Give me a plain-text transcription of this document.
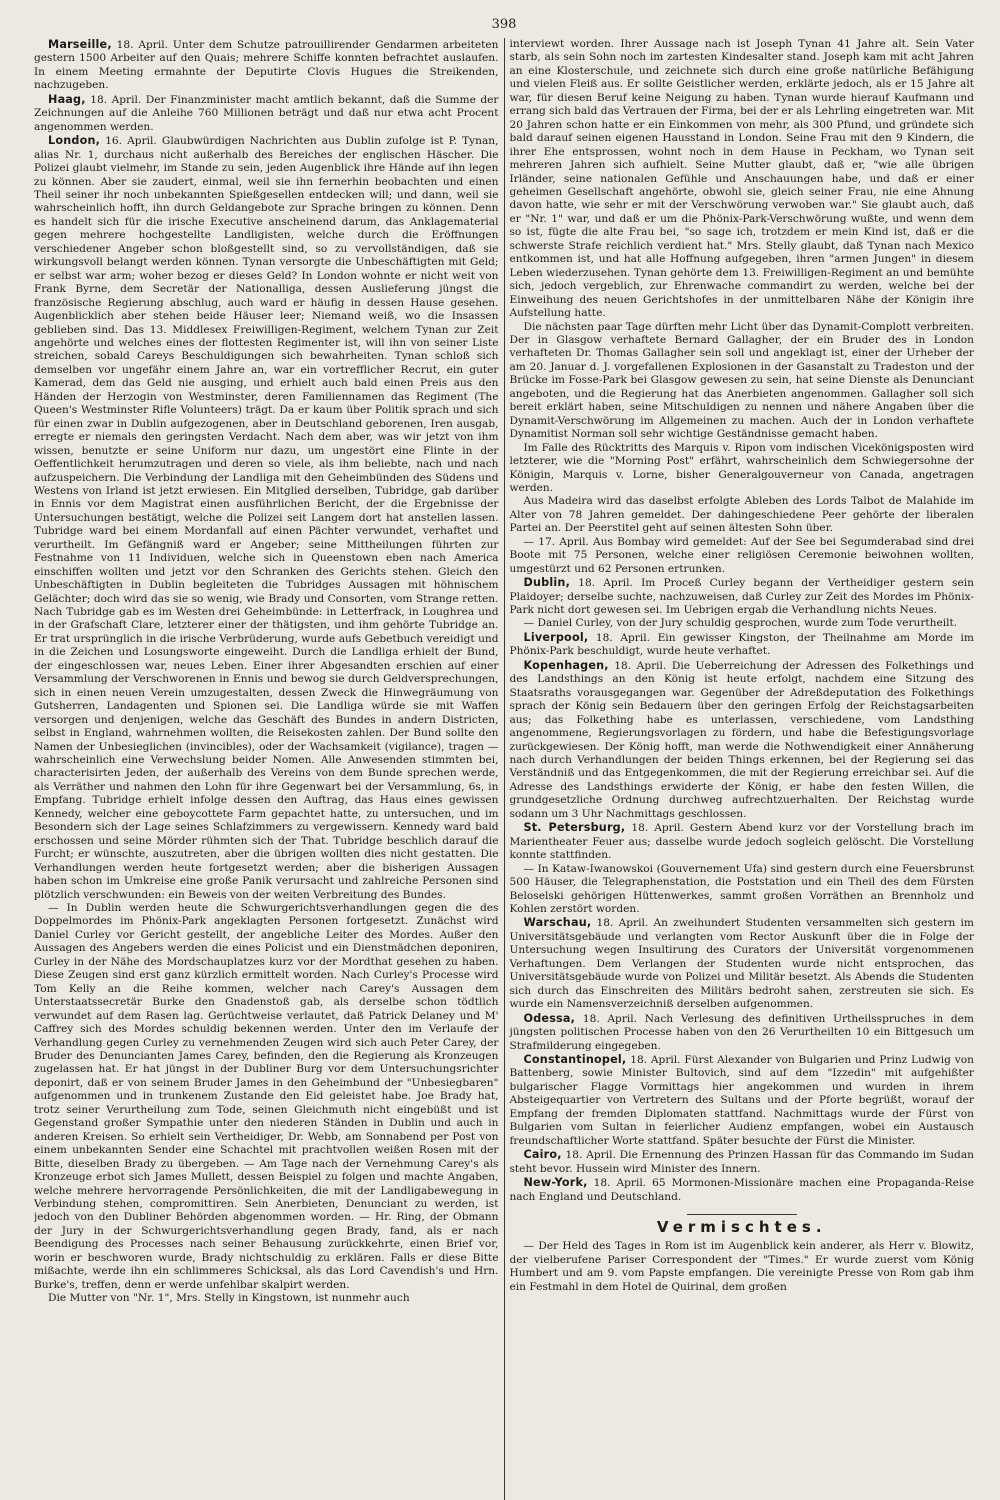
398

Marseille, 18. April. Unter dem Schutze patrouillirender Gendarmen arbeiteten gestern 1500 Arbeiter auf den Quais; mehrere Schiffe konnten befrachtet auslaufen. In einem Meeting ermahnte der Deputirte Clovis Hugues die Streikenden, nachzugeben.

Haag, 18. April. Der Finanzminister macht amtlich bekannt, daß die Summe der Zeichnungen auf die Anleihe 760 Millionen beträgt und daß nur etwa acht Procent angenommen werden.

London, 16. April. Glaubwürdigen Nachrichten aus Dublin zufolge ist P. Tynan, alias Nr. 1, durchaus nicht außerhalb des Bereiches der englischen Häscher. Die Polizei glaubt vielmehr, im Stande zu sein, jeden Augenblick ihre Hände auf ihn legen zu können. Aber sie zaudert, einmal, weil sie ihn fernerhin beobachten und einen Theil seiner ihr noch unbekannten Spießgesellen entdecken will; und dann, weil sie wahrscheinlich hofft, ihn durch Geldangebote zur Sprache bringen zu können. Denn es handelt sich für die irische Executive anscheinend darum, das Anklagematerial gegen mehrere hochgestellte Landligisten, welche durch die Eröffnungen verschiedener Angeber schon bloßgestellt sind, so zu vervollständigen, daß sie wirkungsvoll belangt werden können. Tynan versorgte die Unbeschäftigten mit Geld; er selbst war arm; woher bezog er dieses Geld? In London wohnte er nicht weit von Frank Byrne, dem Secretär der Nationalliga, dessen Auslieferung jüngst die französische Regierung abschlug, auch ward er häufig in dessen Hause gesehen. Augenblicklich aber stehen beide Häuser leer; Niemand weiß, wo die Insassen geblieben sind. Das 13. Middlesex Freiwilligen-Regiment, welchem Tynan zur Zeit angehörte und welches eines der flottesten Regimenter ist, will ihn von seiner Liste streichen, sobald Careys Beschuldigungen sich bewahrheiten. Tynan schloß sich demselben vor ungefähr einem Jahre an, war ein vortrefflicher Recrut, ein guter Kamerad, dem das Geld nie ausging, und erhielt auch bald einen Preis aus den Händen der Herzogin von Westminster, deren Familiennamen das Regiment (The Queen's Westminster Rifle Volunteers) trägt. Da er kaum über Politik sprach und sich für einen zwar in Dublin aufgezogenen, aber in Deutschland geborenen, Iren ausgab, erregte er niemals den geringsten Verdacht. Nach dem aber, was wir jetzt von ihm wissen, benutzte er seine Uniform nur dazu, um ungestört eine Flinte in der Oeffentlichkeit herumzutragen und deren so viele, als ihm beliebte, nach und nach aufzuspeichern. Die Verbindung der Landliga mit den Geheimbünden des Südens und Westens von Irland ist jetzt erwiesen. Ein Mitglied derselben, Tubridge, gab darüber in Ennis vor dem Magistrat einen ausführlichen Bericht, der die Ergebnisse der Untersuchungen bestätigt, welche die Polizei seit Langem dort hat anstellen lassen. Tubridge ward bei einem Mordanfall auf einen Pächter verwundet, verhaftet und verurtheilt. Im Gefängniß ward er Angeber; seine Mittheilungen führten zur Festnahme von 11 Individuen, welche sich in Queenstown eben nach America einschiffen wollten und jetzt vor den Schranken des Gerichts stehen. Gleich den Unbeschäftigten in Dublin begleiteten die Tubridges Aussagen mit höhnischem Gelächter; doch wird das sie so wenig, wie Brady und Consorten, vom Strange retten. Nach Tubridge gab es im Westen drei Geheimbünde: in Letterfrack, in Loughrea und in der Grafschaft Clare, letzterer einer der thätigsten, und ihm gehörte Tubridge an. Er trat ursprünglich in die irische Verbrüderung, wurde aufs Gebetbuch vereidigt und in die Zeichen und Losungsworte eingeweiht. Durch die Landliga erhielt der Bund, der eingeschlossen war, neues Leben. Einer ihrer Abgesandten erschien auf einer Versammlung der Verschworenen in Ennis und bewog sie durch Geldversprechungen, sich in einen neuen Verein umzugestalten, dessen Zweck die Hinwegräumung von Gutsherren, Landagenten und Spionen sei. Die Landliga würde sie mit Waffen versorgen und denjenigen, welche das Geschäft des Bundes in andern Districten, selbst in England, wahrnehmen wollten, die Reisekosten zahlen. Der Bund sollte den Namen der Unbesieglichen (invincibles), oder der Wachsamkeit (vigilance), tragen — wahrscheinlich eine Verwechslung beider Nomen. Alle Anwesenden stimmten bei, characterisirten Jeden, der außerhalb des Vereins von dem Bunde sprechen werde, als Verräther und nahmen den Lohn für ihre Gegenwart bei der Versammlung, 6s, in Empfang. Tubridge erhielt infolge dessen den Auftrag, das Haus eines gewissen Kennedy, welcher eine geboycottete Farm gepachtet hatte, zu untersuchen, und im Besondern sich der Lage seines Schlafzimmers zu vergewissern. Kennedy ward bald erschossen und seine Mörder rühmten sich der That. Tubridge beschlich darauf die Furcht; er wünschte, auszutreten, aber die übrigen wollten dies nicht gestatten. Die Verhandlungen werden heute fortgesetzt werden; aber die bisherigen Aussagen haben schon im Umkreise eine große Panik verursacht und zahlreiche Personen sind plötzlich verschwunden: ein Beweis von der weiten Verbreitung des Bundes.

— In Dublin werden heute die Schwurgerichtsverhandlungen gegen die des Doppelmordes im Phönix-Park angeklagten Personen fortgesetzt. Zunächst wird Daniel Curley vor Gericht gestellt, der angebliche Leiter des Mordes. Außer den Aussagen des Angebers werden die eines Policist und ein Dienstmädchen deponiren, Curley in der Nähe des Mordschauplatzes kurz vor der Mordthat gesehen zu haben. Diese Zeugen sind erst ganz kürzlich ermittelt worden. Nach Curley's Processe wird Tom Kelly an die Reihe kommen, welcher nach Carey's Aussagen dem Unterstaatssecretär Burke den Gnadenstoß gab, als derselbe schon tödtlich verwundet auf dem Rasen lag. Gerüchtweise verlautet, daß Patrick Delaney und M' Caffrey sich des Mordes schuldig bekennen werden. Unter den im Verlaufe der Verhandlung gegen Curley zu vernehmenden Zeugen wird sich auch Peter Carey, der Bruder des Denuncianten James Carey, befinden, den die Regierung als Kronzeugen zugelassen hat. Er hat jüngst in der Dubliner Burg vor dem Untersuchungsrichter deponirt, daß er von seinem Bruder James in den Geheimbund der "Unbesiegbaren" aufgenommen und in trunkenem Zustande den Eid geleistet habe. Joe Brady hat, trotz seiner Verurtheilung zum Tode, seinen Gleichmuth nicht eingebüßt und ist Gegenstand großer Sympathie unter den niederen Ständen in Dublin und auch in anderen Kreisen. So erhielt sein Vertheidiger, Dr. Webb, am Sonnabend per Post von einem unbekannten Sender eine Schachtel mit prachtvollen weißen Rosen mit der Bitte, dieselben Brady zu übergeben. — Am Tage nach der Vernehmung Carey's als Kronzeuge erbot sich James Mullett, dessen Beispiel zu folgen und machte Angaben, welche mehrere hervorragende Persönlichkeiten, die mit der Landligabewegung in Verbindung stehen, compromittiren. Sein Anerbieten, Denunciant zu werden, ist jedoch von den Dubliner Behörden abgenommen worden. — Hr. Ring, der Obmann der Jury in der Schwurgerichtsverhandlung gegen Brady, fand, als er nach Beendigung des Processes nach seiner Behausung zurückkehrte, einen Brief vor, worin er beschworen wurde, Brady nichtschuldig zu erklären. Falls er diese Bitte mißachte, werde ihn ein schlimmeres Schicksal, als das Lord Cavendish's und Hrn. Burke's, treffen, denn er werde unfehlbar skalpirt werden.

Die Mutter von "Nr. 1", Mrs. Stelly in Kingstown, ist nunmehr auch

interviewt worden. Ihrer Aussage nach ist Joseph Tynan 41 Jahre alt. Sein Vater starb, als sein Sohn noch im zartesten Kindesalter stand. Joseph kam mit acht Jahren an eine Klosterschule, und zeichnete sich durch eine große natürliche Befähigung und vielen Fleiß aus. Er sollte Geistlicher werden, erklärte jedoch, als er 15 Jahre alt war, für diesen Beruf keine Neigung zu haben. Tynan wurde hierauf Kaufmann und errang sich bald das Vertrauen der Firma, bei der er als Lehrling eingetreten war. Mit 20 Jahren schon hatte er ein Einkommen von mehr, als 300 Pfund, und gründete sich bald darauf seinen eigenen Hausstand in London. Seine Frau mit den 9 Kindern, die ihrer Ehe entsprossen, wohnt noch in dem Hause in Peckham, wo Tynan seit mehreren Jahren sich aufhielt. Seine Mutter glaubt, daß er, "wie alle übrigen Irländer, seine nationalen Gefühle und Anschauungen habe, und daß er einer geheimen Gesellschaft angehörte, obwohl sie, gleich seiner Frau, nie eine Ahnung davon hatte, wie sehr er mit der Verschwörung verwoben war." Sie glaubt auch, daß er "Nr. 1" war, und daß er um die Phönix-Park-Verschwörung wußte, und wenn dem so ist, fügte die alte Frau bei, "so sage ich, trotzdem er mein Kind ist, daß er die schwerste Strafe reichlich verdient hat." Mrs. Stelly glaubt, daß Tynan nach Mexico entkommen ist, und hat alle Hoffnung aufgegeben, ihren "armen Jungen" in diesem Leben wiederzusehen. Tynan gehörte dem 13. Freiwilligen-Regiment an und bemühte sich, jedoch vergeblich, zur Ehrenwache commandirt zu werden, welche bei der Einweihung des neuen Gerichtshofes in der unmittelbaren Nähe der Königin ihre Aufstellung hatte.

Die nächsten paar Tage dürften mehr Licht über das Dynamit-Complott verbreiten. Der in Glasgow verhaftete Bernard Gallagher, der ein Bruder des in London verhafteten Dr. Thomas Gallagher sein soll und angeklagt ist, einer der Urheber der am 20. Januar d. J. vorgefallenen Explosionen in der Gasanstalt zu Tradeston und der Brücke im Fosse-Park bei Glasgow gewesen zu sein, hat seine Dienste als Denunciant angeboten, und die Regierung hat das Anerbieten angenommen. Gallagher soll sich bereit erklärt haben, seine Mitschuldigen zu nennen und nähere Angaben über die Dynamit-Verschwörung im Allgemeinen zu machen. Auch der in London verhaftete Dynamitist Norman soll sehr wichtige Geständnisse gemacht haben.

Im Falle des Rücktritts des Marquis v. Ripon vom indischen Vicekönigsposten wird letzterer, wie die "Morning Post" erfährt, wahrscheinlich dem Schwiegersohne der Königin, Marquis v. Lorne, bisher Generalgouverneur von Canada, angetragen werden.

Aus Madeira wird das daselbst erfolgte Ableben des Lords Talbot de Malahide im Alter von 78 Jahren gemeldet. Der dahingeschiedene Peer gehörte der liberalen Partei an. Der Peerstitel geht auf seinen ältesten Sohn über.

— 17. April. Aus Bombay wird gemeldet: Auf der See bei Segumderabad sind drei Boote mit 75 Personen, welche einer religiösen Ceremonie beiwohnen wollten, umgestürzt und 62 Personen ertrunken.

Dublin, 18. April. Im Proceß Curley begann der Vertheidiger gestern sein Plaidoyer; derselbe suchte, nachzuweisen, daß Curley zur Zeit des Mordes im Phönix-Park nicht dort gewesen sei. Im Uebrigen ergab die Verhandlung nichts Neues.

— Daniel Curley, von der Jury schuldig gesprochen, wurde zum Tode verurtheilt.

Liverpool, 18. April. Ein gewisser Kingston, der Theilnahme am Morde im Phönix-Park beschuldigt, wurde heute verhaftet.

Kopenhagen, 18. April. Die Ueberreichung der Adressen des Folkethings und des Landsthings an den König ist heute erfolgt, nachdem eine Sitzung des Staatsraths vorausgegangen war. Gegenüber der Adreßdeputation des Folkethings sprach der König sein Bedauern über den geringen Erfolg der Reichstagsarbeiten aus; das Folkething habe es unterlassen, verschiedene, vom Landsthing angenommene, Regierungsvorlagen zu fördern, und habe die Befestigungsvorlage zurückgewiesen. Der König hofft, man werde die Nothwendigkeit einer Annäherung nach durch Verhandlungen der beiden Things erkennen, bei der Regierung sei das Verständniß und das Entgegenkommen, die mit der Regierung erreichbar sei. Auf die Adresse des Landsthings erwiderte der König, er habe den festen Willen, die grundgesetzliche Ordnung durchweg aufrechtzuerhalten. Der Reichstag wurde sodann um 3 Uhr Nachmittags geschlossen.

St. Petersburg, 18. April. Gestern Abend kurz vor der Vorstellung brach im Marientheater Feuer aus; dasselbe wurde jedoch sogleich gelöscht. Die Vorstellung konnte stattfinden.

— In Kataw-Iwanowskoi (Gouvernement Ufa) sind gestern durch eine Feuersbrunst 500 Häuser, die Telegraphenstation, die Poststation und ein Theil des dem Fürsten Beloselski gehörigen Hüttenwerkes, sammt großen Vorräthen an Brennholz und Kohlen zerstört worden.

Warschau, 18. April. An zweihundert Studenten versammelten sich gestern im Universitätsgebäude und verlangten vom Rector Auskunft über die in Folge der Untersuchung wegen Insultirung des Curators der Universität vorgenommenen Verhaftungen. Dem Verlangen der Studenten wurde nicht entsprochen, das Universitätsgebäude wurde von Polizei und Militär besetzt. Als Abends die Studenten sich durch das Einschreiten des Militärs bedroht sahen, zerstreuten sie sich. Es wurde ein Namensverzeichniß derselben aufgenommen.

Odessa, 18. April. Nach Verlesung des definitiven Urtheilsspruches in dem jüngsten politischen Processe haben von den 26 Verurtheilten 10 ein Bittgesuch um Strafmilderung eingegeben.

Constantinopel, 18. April. Fürst Alexander von Bulgarien und Prinz Ludwig von Battenberg, sowie Minister Bultovich, sind auf dem "Izzedin" mit aufgehißter bulgarischer Flagge Vormittags hier angekommen und wurden in ihrem Absteigequartier von Vertretern des Sultans und der Pforte begrüßt, worauf der Empfang der fremden Diplomaten stattfand. Nachmittags wurde der Fürst von Bulgarien vom Sultan in feierlicher Audienz empfangen, wobei ein Austausch freundschaftlicher Worte stattfand. Später besuchte der Fürst die Minister.

Cairo, 18. April. Die Ernennung des Prinzen Hassan für das Commando im Sudan steht bevor. Hussein wird Minister des Innern.

New-York, 18. April. 65 Mormonen-Missionäre machen eine Propaganda-Reise nach England und Deutschland.

Vermischtes.

— Der Held des Tages in Rom ist im Augenblick kein anderer, als Herr v. Blowitz, der vielberufene Pariser Correspondent der "Times." Er wurde zuerst vom König Humbert und am 9. vom Papste empfangen. Die vereinigte Presse von Rom gab ihm ein Festmahl in dem Hotel de Quirinal, dem großen
